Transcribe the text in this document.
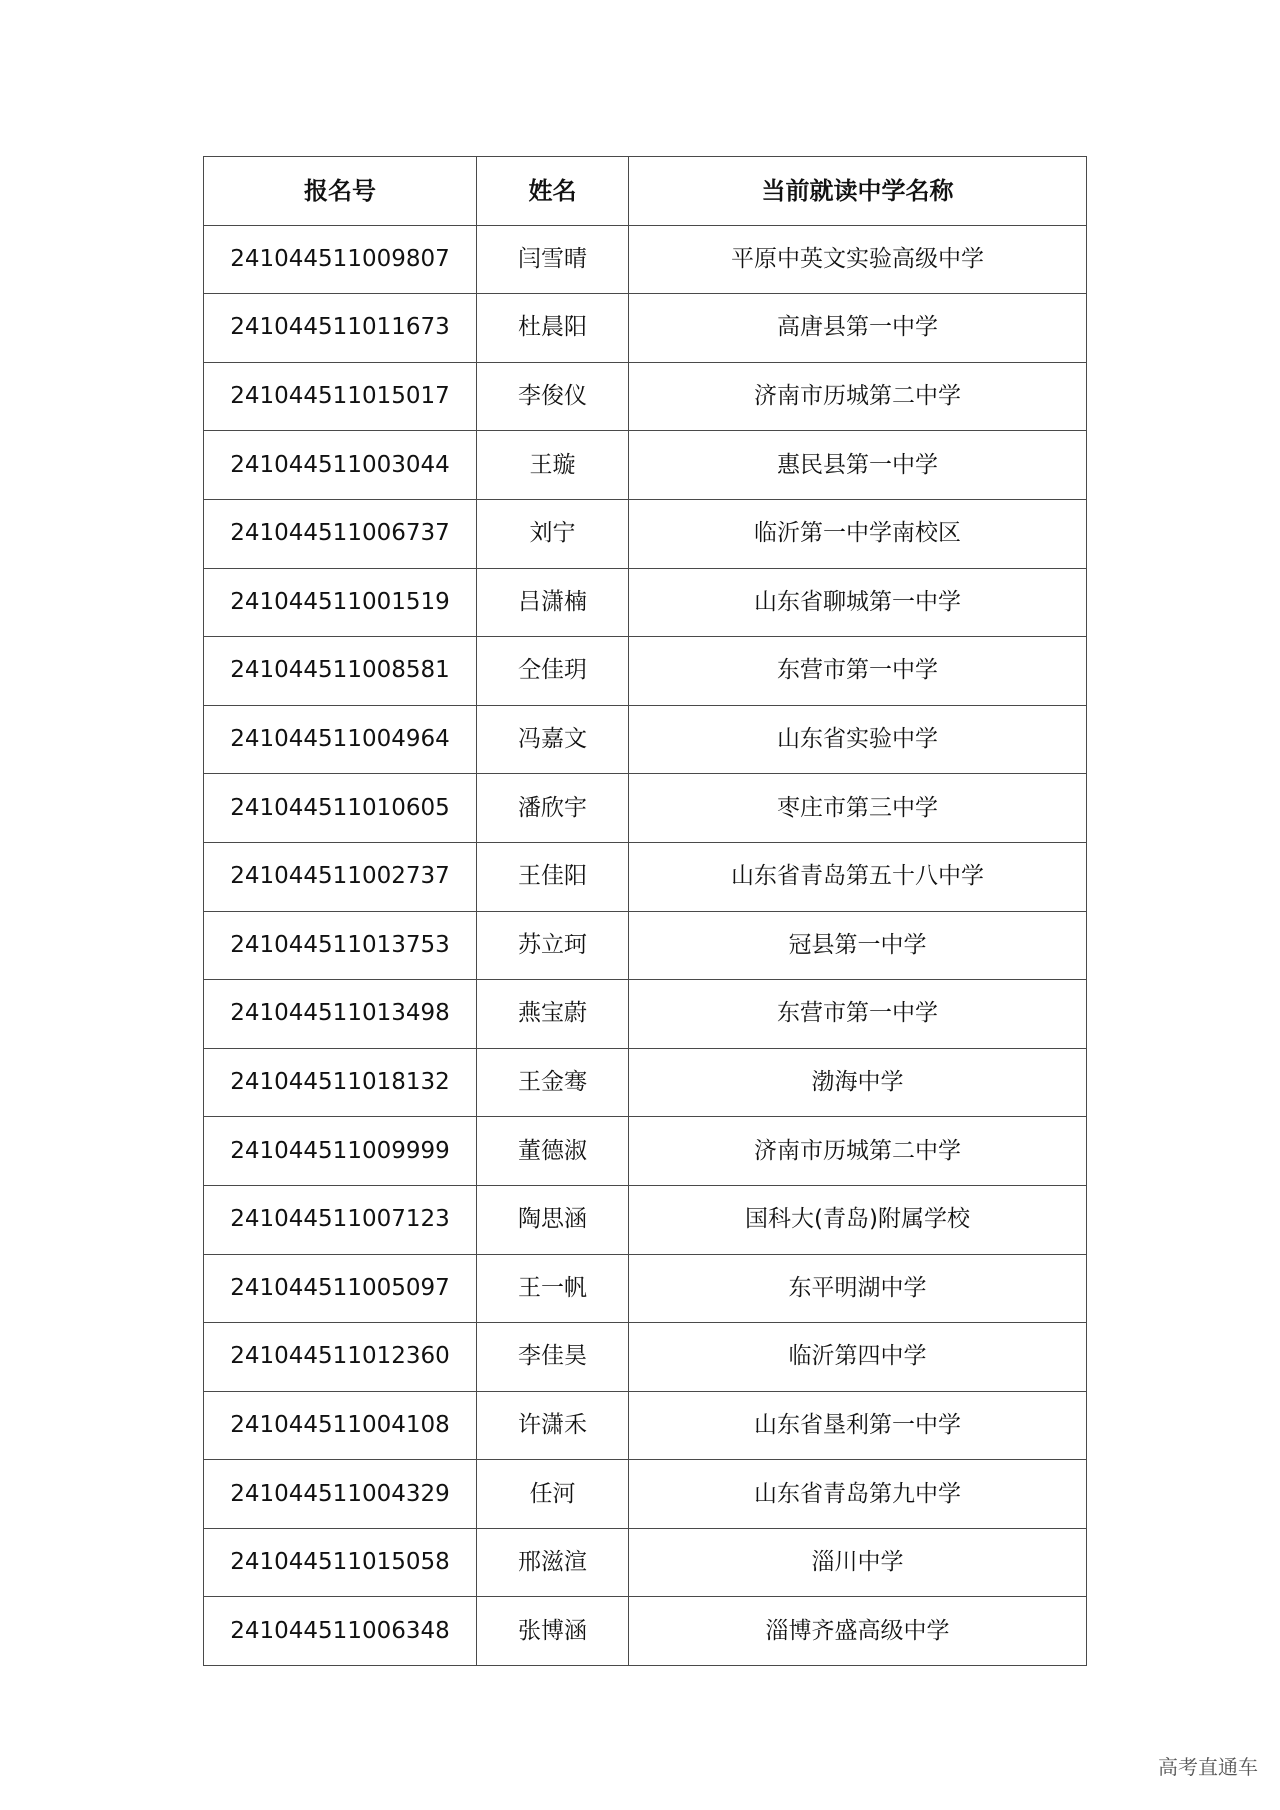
报名号	姓名	当前就读中学名称
241044511009807	闫雪晴	平原中英文实验高级中学
241044511011673	杜晨阳	高唐县第一中学
241044511015017	李俊仪	济南市历城第二中学
241044511003044	王璇	惠民县第一中学
241044511006737	刘宁	临沂第一中学南校区
241044511001519	吕潇楠	山东省聊城第一中学
241044511008581	仝佳玥	东营市第一中学
241044511004964	冯嘉文	山东省实验中学
241044511010605	潘欣宇	枣庄市第三中学
241044511002737	王佳阳	山东省青岛第五十八中学
241044511013753	苏立珂	冠县第一中学
241044511013498	燕宝蔚	东营市第一中学
241044511018132	王金骞	渤海中学
241044511009999	董德淑	济南市历城第二中学
241044511007123	陶思涵	国科大(青岛)附属学校
241044511005097	王一帆	东平明湖中学
241044511012360	李佳昊	临沂第四中学
241044511004108	许潇禾	山东省垦利第一中学
241044511004329	任河	山东省青岛第九中学
241044511015058	邢滋渲	淄川中学
241044511006348	张博涵	淄博齐盛高级中学
高考直通车
